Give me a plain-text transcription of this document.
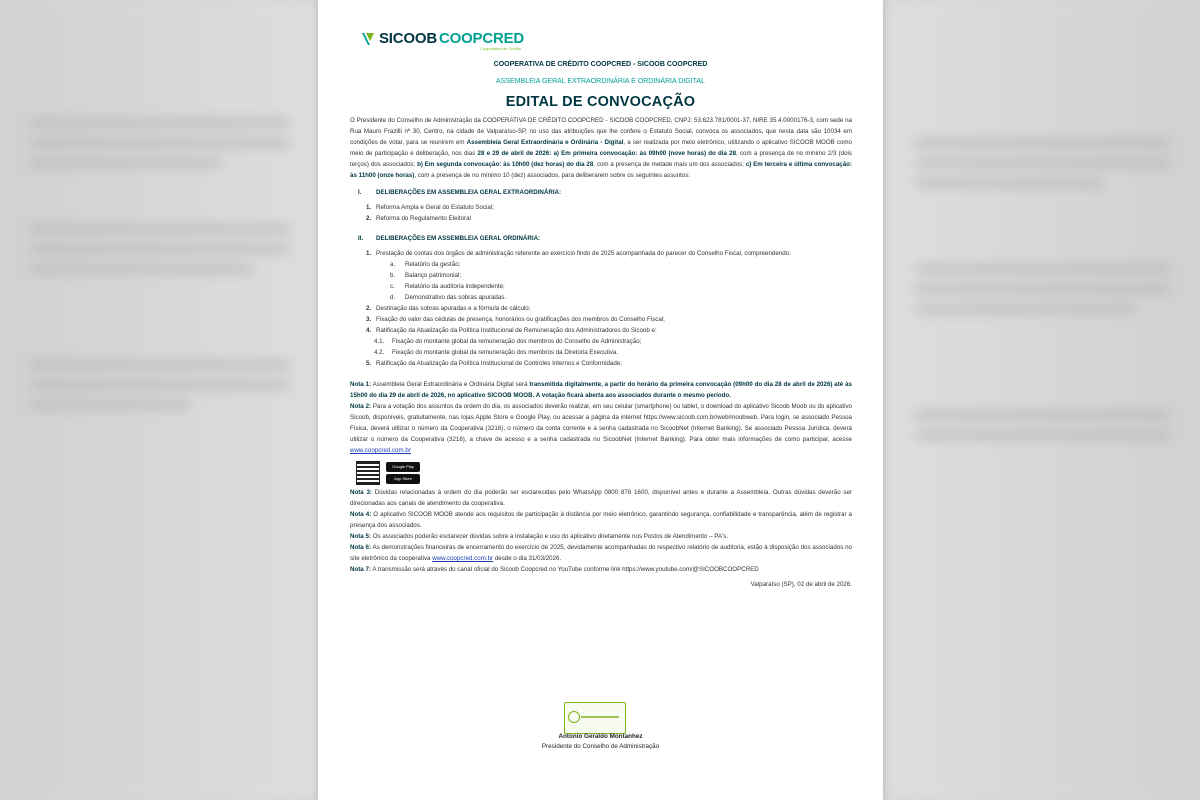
SICOOB COOPCRED
Cooperativa de Crédito
COOPERATIVA DE CRÉDITO COOPCRED - SICOOB COOPCRED
ASSEMBLEIA GERAL EXTRAORDINÁRIA E ORDINÁRIA DIGITAL
EDITAL DE CONVOCAÇÃO

O Presidente do Conselho de Administração da COOPERATIVA DE CRÉDITO COOPCRED - SICOOB COOPCRED, CNPJ: 53.623.781/0001-37, NIRE 35.4.0000176-3, com sede na Rua Mauro Frazilli nº 30, Centro, na cidade de Valparaíso-SP, no uso das atribuições que lhe confere o Estatuto Social, convoca os associados, que nesta data são 10034 em condições de votar, para se reunirem em Assembleia Geral Extraordinária e Ordinária - Digital, a ser realizada por meio eletrônico, utilizando o aplicativo SICOOB MOOB como meio de participação e deliberação, nos dias 28 e 29 de abril de 2026: a) Em primeira convocação: às 09h00 (nove horas) do dia 28, com a presença de no mínimo 2/3 (dois terços) dos associados; b) Em segunda convocação: às 10h00 (dez horas) do dia 28, com a presença de metade mais um dos associados; c) Em terceira e última convocação: às 11h00 (onze horas), com a presença de no mínimo 10 (dez) associados, para deliberarem sobre os seguintes assuntos:

I. DELIBERAÇÕES EM ASSEMBLEIA GERAL EXTRAORDINÁRIA:
1. Reforma Ampla e Geral do Estatuto Social;
2. Reforma do Regulamento Eleitoral
II. DELIBERAÇÕES EM ASSEMBLEIA GERAL ORDINÁRIA:
1. Prestação de contas dos órgãos de administração referente ao exercício findo de 2025 acompanhada do parecer do Conselho Fiscal, compreendendo:
a. Relatório da gestão;
b. Balanço patrimonial;
c. Relatório da auditoria independente;
d. Demonstrativo das sobras apuradas.
2. Destinação das sobras apuradas e a fórmula de cálculo;
3. Fixação do valor das cédulas de presença, honorários ou gratificações dos membros do Conselho Fiscal;
4. Ratificação da Atualização da Política Institucional de Remuneração dos Administradores do Sicoob e:
4.1. Fixação do montante global da remuneração dos membros do Conselho de Administração;
4.2. Fixação do montante global da remuneração dos membros da Diretoria Executiva.
5. Ratificação da Atualização da Política Institucional de Controles Internos e Conformidade;

Nota 1: Assembleia Geral Extraordinária e Ordinária Digital será transmitida digitalmente, a partir do horário da primeira convocação (09h00 do dia 28 de abril de 2026) até às 15h00 do dia 29 de abril de 2026, no aplicativo SICOOB MOOB. A votação ficará aberta aos associados durante o mesmo período.

Nota 2: Para a votação dos assuntos da ordem do dia, os associados deverão realizar, em seu celular (smartphone) ou tablet, o download do aplicativo Sicoob Moob ou do aplicativo Sicoob, disponíveis, gratuitamente, nas lojas Apple Store e Google Play, ou acessar a página da internet https://www.sicoob.com.br/web/moobweb. Para login, se associado Pessoa Física, deverá utilizar o número da Cooperativa (3216), o número da conta corrente e a senha cadastrada no SicoobNet (Internet Banking). Se associado Pessoa Jurídica, deverá utilizar o número da Cooperativa (3216), a chave de acesso e a senha cadastrada no SicoobNet (Internet Banking). Para obter mais informações de como participar, acesse www.coopcred.com.br

Google Play
App Store

Nota 3: Dúvidas relacionadas à ordem do dia poderão ser esclarecidas pelo WhatsApp 0800 878 1600, disponível antes e durante a Assembleia. Outras dúvidas deverão ser direcionadas aos canais de atendimento da cooperativa.

Nota 4: O aplicativo SICOOB MOOB atende aos requisitos de participação à distância por meio eletrônico, garantindo segurança, confiabilidade e transparência, além de registrar a presença dos associados.

Nota 5: Os associados poderão esclarecer dúvidas sobre a instalação e uso do aplicativo diretamente nos Postos de Atendimento – PA's.

Nota 6: As demonstrações financeiras de encerramento do exercício de 2025, devidamente acompanhadas do respectivo relatório de auditoria, estão à disposição dos associados no site eletrônico da cooperativa www.coopcred.com.br desde o dia 31/03/2026.

Nota 7: A transmissão será através do canal oficial do Sicoob Coopcred no YouTube conforme link https://www.youtube.com/@SICOOBCOOPCRED

Valparaíso (SP), 02 de abril de 2026.
Antonio Geraldo Montanhez
Presidente do Conselho de Administração
